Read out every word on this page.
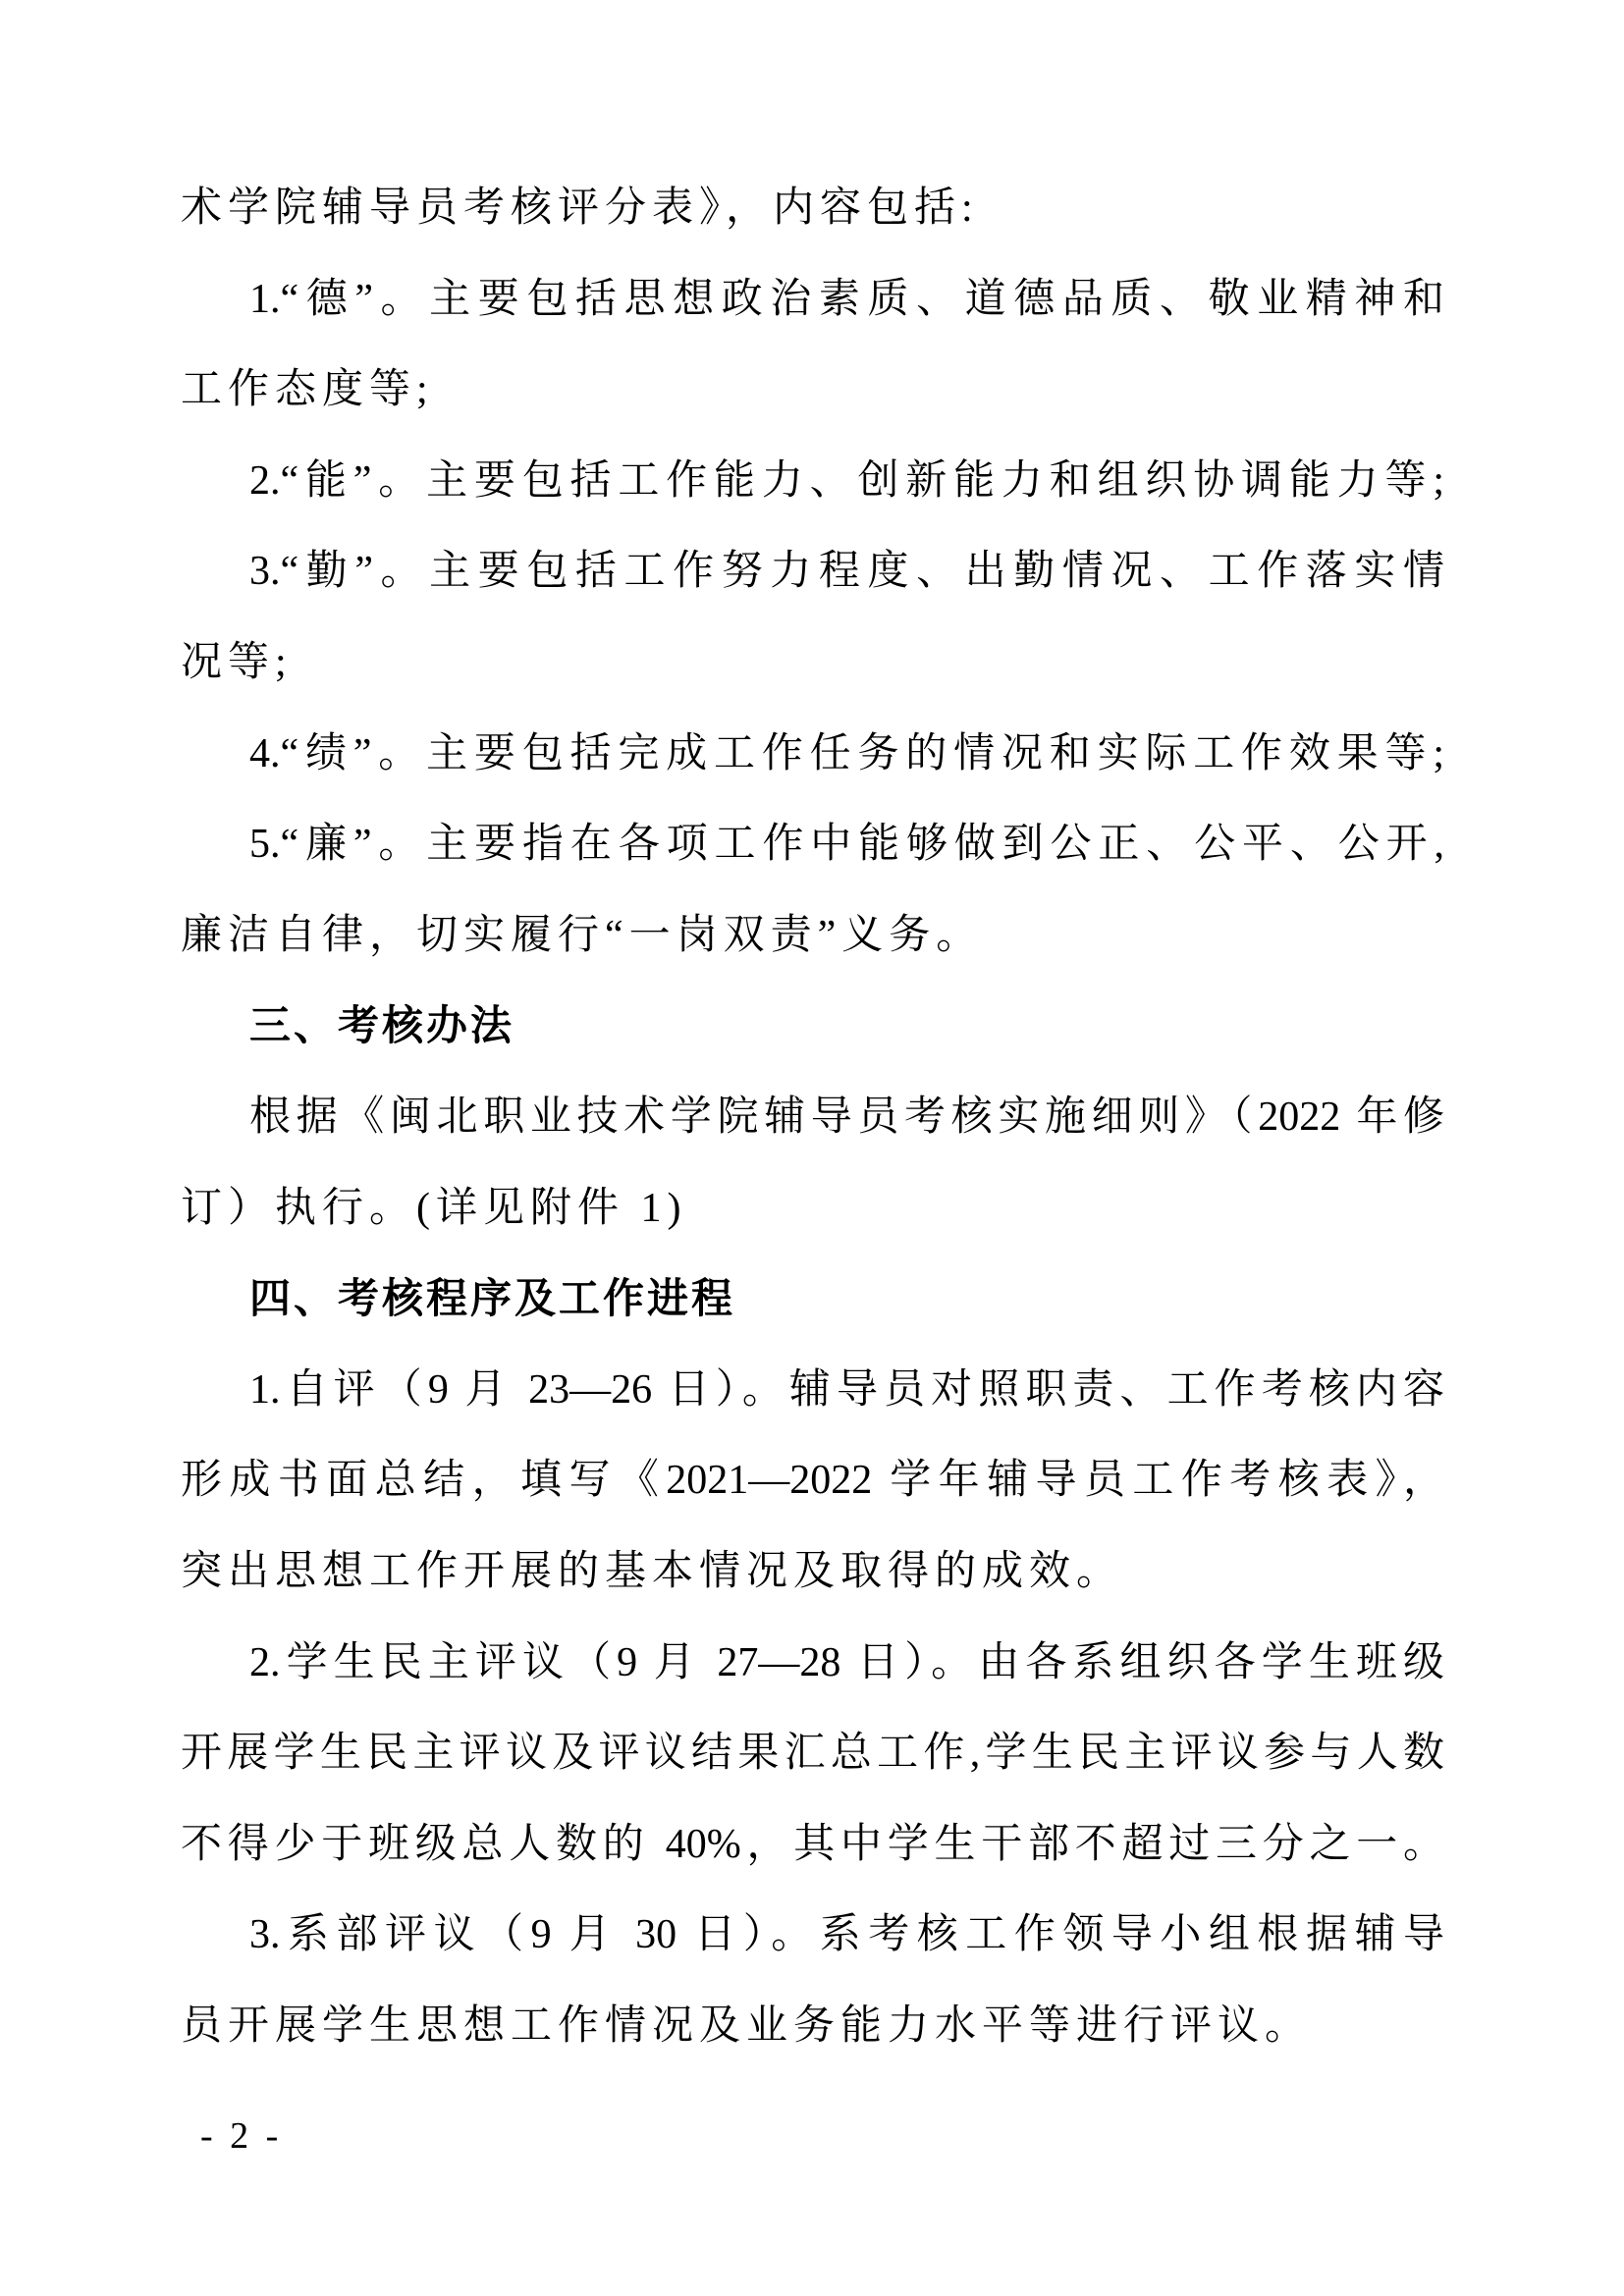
术学院辅导员考核评分表》，内容包括:
1.“德”。主要包括思想政治素质、道德品质、敬业精神和
工作态度等;
2.“能”。主要包括工作能力、创新能力和组织协调能力等;
3.“勤”。主要包括工作努力程度、出勤情况、工作落实情
况等;
4.“绩”。主要包括完成工作任务的情况和实际工作效果等;
5.“廉”。主要指在各项工作中能够做到公正、公平、公开,
廉洁自律，切实履行“一岗双责”义务。
三、考核办法
根据《闽北职业技术学院辅导员考核实施细则》（2022 年修
订）执行。(详见附件 1)
四、考核程序及工作进程
1.自评（9 月 23—26 日）。辅导员对照职责、工作考核内容
形成书面总结，填写《2021—2022 学年辅导员工作考核表》，
突出思想工作开展的基本情况及取得的成效。
2.学生民主评议（9 月 27—28 日）。由各系组织各学生班级
开展学生民主评议及评议结果汇总工作,学生民主评议参与人数
不得少于班级总人数的 40%，其中学生干部不超过三分之一。
3.系部评议（9 月 30 日）。系考核工作领导小组根据辅导
员开展学生思想工作情况及业务能力水平等进行评议。
- 2 -
